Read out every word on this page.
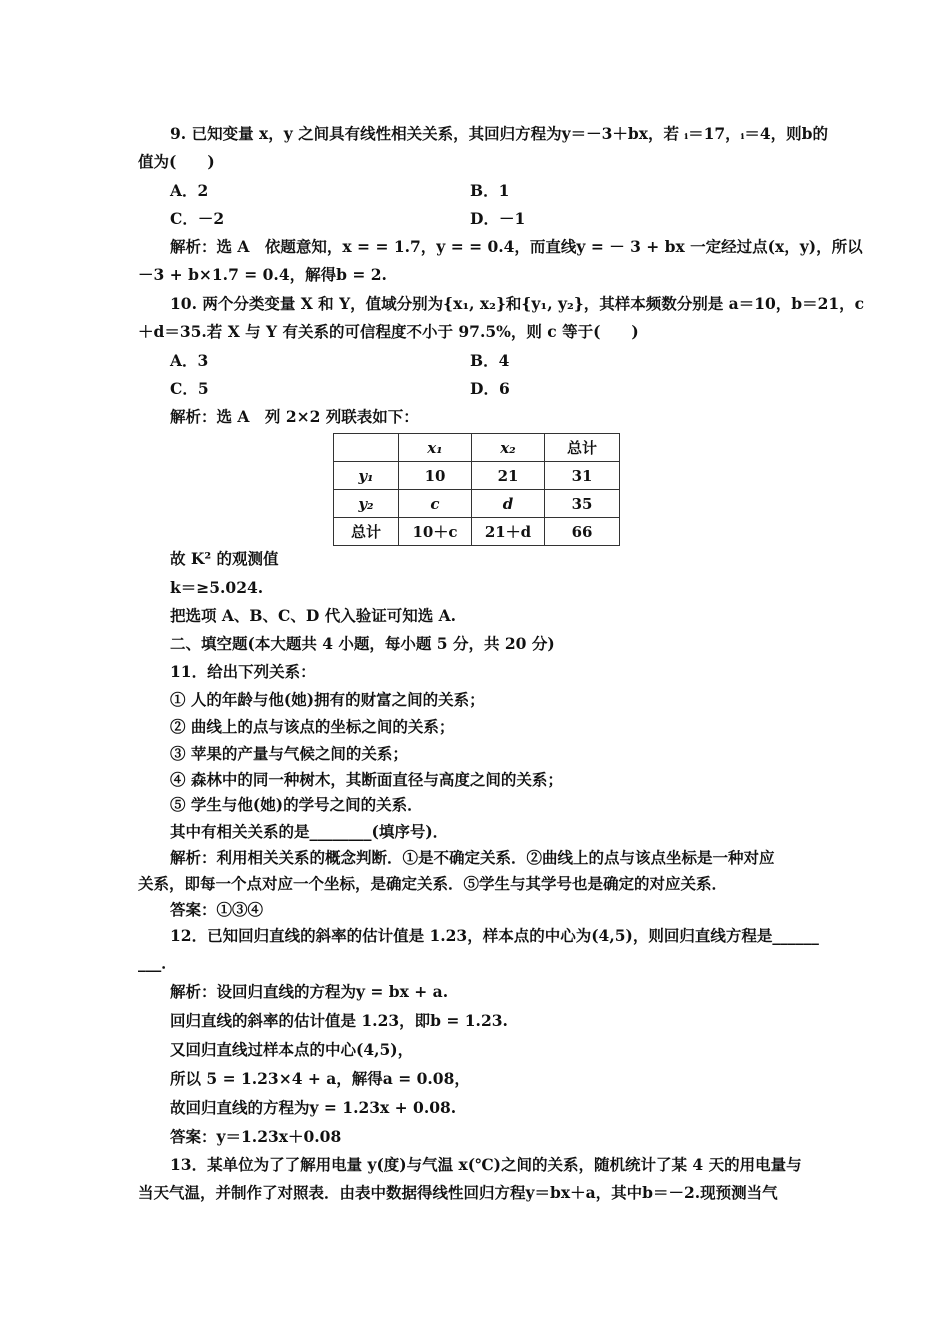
9. 已知变量 x，y 之间具有线性相关关系，其回归方程为y＝－3＋bx，若 ᵢ＝17，ᵢ＝4，则b的
值为(　　)
A．2	B．1
C．－2	D．－1
解析：选 A　依题意知，x = = 1.7，y = = 0.4，而直线y = － 3 + bx 一定经过点(x，y)，所以
－3 + b×1.7 = 0.4，解得b = 2.
10. 两个分类变量 X 和 Y，值域分别为{x₁, x₂}和{y₁, y₂}，其样本频数分别是 a＝10，b＝21，c
＋d＝35.若 X 与 Y 有关系的可信程度不小于 97.5%，则 c 等于(　　)
A．3	B．4
C．5	D．6
解析：选 A　列 2×2 列联表如下：
	x₁	x₂	总计
y₁	10	21	31
y₂	c	d	35
总计	10＋c	21＋d	66
故 K² 的观测值
k＝≥5.024.
把选项 A、B、C、D 代入验证可知选 A.
二、填空题(本大题共 4 小题，每小题 5 分，共 20 分)
11．给出下列关系：
① 人的年龄与他(她)拥有的财富之间的关系；
② 曲线上的点与该点的坐标之间的关系；
③ 苹果的产量与气候之间的关系；
④ 森林中的同一种树木，其断面直径与高度之间的关系；
⑤ 学生与他(她)的学号之间的关系．
其中有相关关系的是________(填序号)．
解析：利用相关关系的概念判断．①是不确定关系．②曲线上的点与该点坐标是一种对应
关系，即每一个点对应一个坐标，是确定关系．⑤学生与其学号也是确定的对应关系．
答案：①③④
12．已知回归直线的斜率的估计值是 1.23，样本点的中心为(4,5)，则回归直线方程是______
___．
解析：设回归直线的方程为y = bx + a.
回归直线的斜率的估计值是 1.23，即b = 1.23.
又回归直线过样本点的中心(4,5)，
所以 5 = 1.23×4 + a，解得a = 0.08，
故回归直线的方程为y = 1.23x + 0.08.
答案：y＝1.23x＋0.08
13．某单位为了了解用电量 y(度)与气温 x(℃)之间的关系，随机统计了某 4 天的用电量与
当天气温，并制作了对照表．由表中数据得线性回归方程y＝bx＋a，其中b＝－2.现预测当气
